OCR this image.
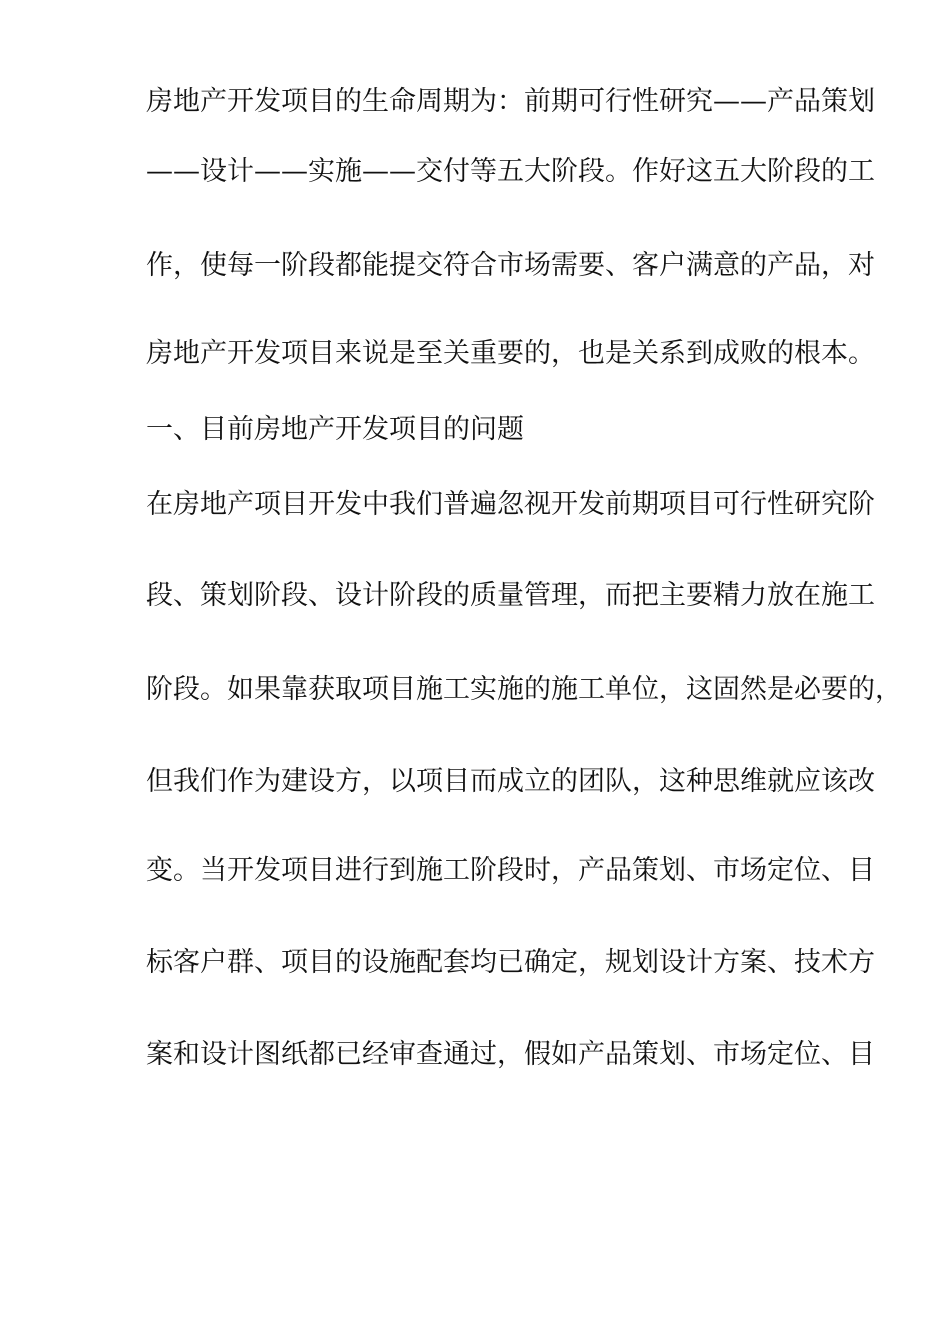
房地产开发项目的生命周期为：前期可行性研究——产品策划
——设计——实施——交付等五大阶段。作好这五大阶段的工
作，使每一阶段都能提交符合市场需要、客户满意的产品，对
房地产开发项目来说是至关重要的，也是关系到成败的根本。
一、目前房地产开发项目的问题
在房地产项目开发中我们普遍忽视开发前期项目可行性研究阶
段、策划阶段、设计阶段的质量管理，而把主要精力放在施工
阶段。如果靠获取项目施工实施的施工单位，这固然是必要的，
但我们作为建设方，以项目而成立的团队，这种思维就应该改
变。当开发项目进行到施工阶段时，产品策划、市场定位、目
标客户群、项目的设施配套均已确定，规划设计方案、技术方
案和设计图纸都已经审查通过，假如产品策划、市场定位、目
